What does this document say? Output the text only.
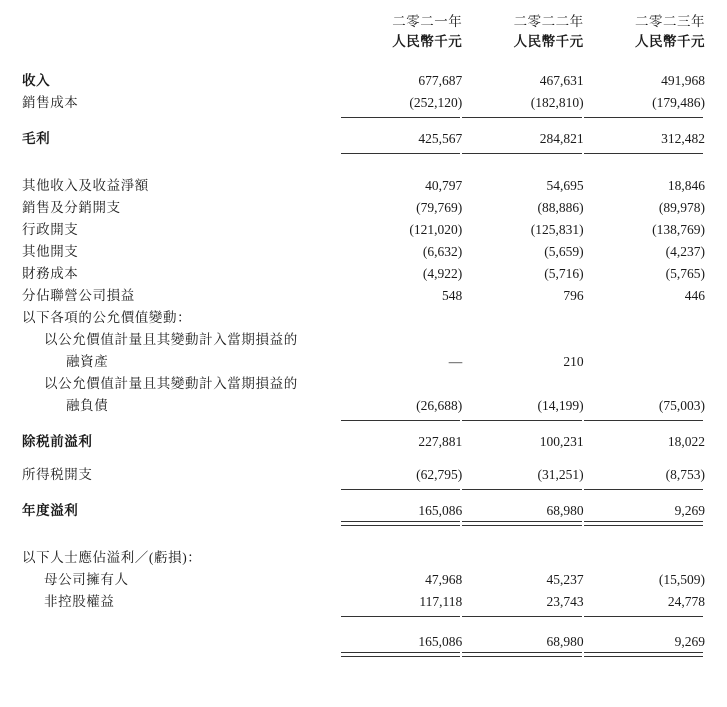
	二零二一年	二零二二年	二零二三年
	人民幣千元	人民幣千元	人民幣千元

收入	677,687	467,631	491,968
銷售成本	(252,120)	(182,810)	(179,486)

毛利	425,567	284,821	312,482

其他收入及收益淨額	40,797	54,695	18,846
銷售及分銷開支	(79,769)	(88,886)	(89,978)
行政開支	(121,020)	(125,831)	(138,769)
其他開支	(6,632)	(5,659)	(4,237)
財務成本	(4,922)	(5,716)	(5,765)
分佔聯營公司損益	548	796	446
以下各項的公允價值變動：			
以公允價值計量且其變動計入當期損益的			
融資產	—	210	
以公允價值計量且其變動計入當期損益的			
融負債	(26,688)	(14,199)	(75,003)

除税前溢利	227,881	100,231	18,022

所得税開支	(62,795)	(31,251)	(8,753)

年度溢利	165,086	68,980	9,269

以下人士應佔溢利／(虧損)：			
母公司擁有人	47,968	45,237	(15,509)
非控股權益	117,118	23,743	24,778

	165,086	68,980	9,269
